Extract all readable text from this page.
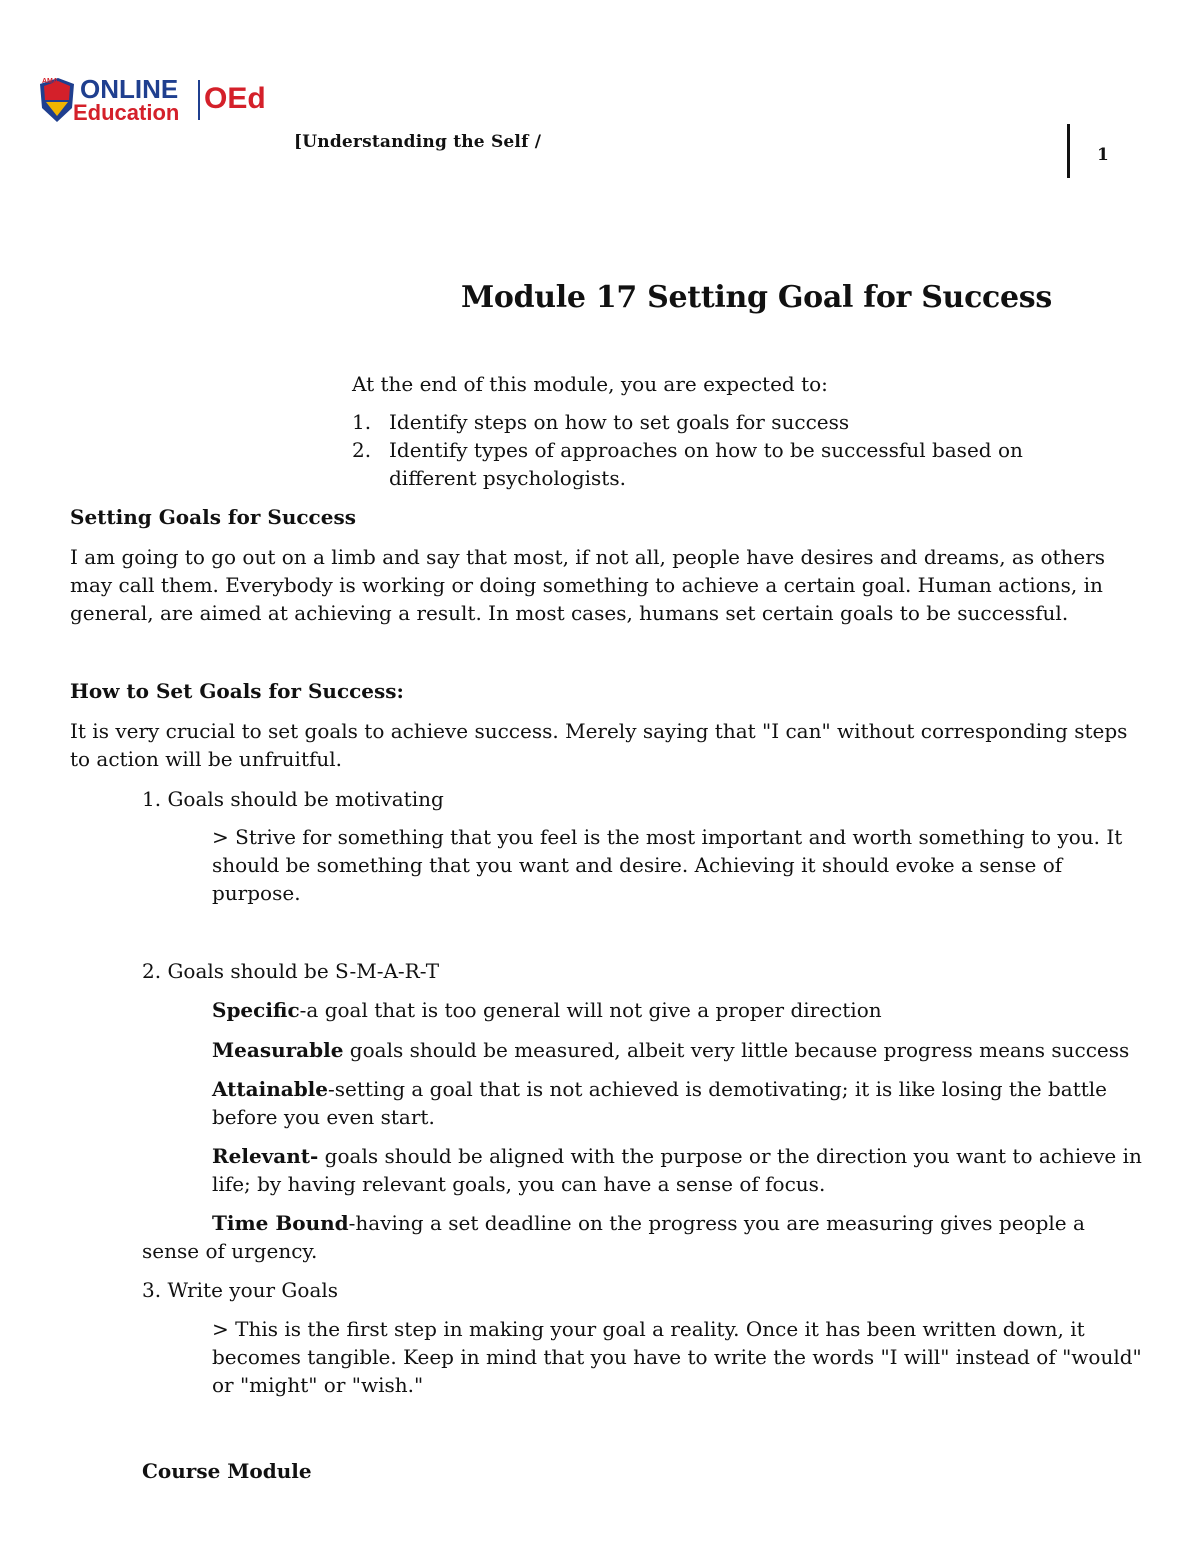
AMA ONLINE
Education OEd
[Understanding the Self /
1
Module 17 Setting Goal for Success
At the end of this module, you are expected to:
1. Identify steps on how to set goals for success
2. Identify types of approaches on how to be successful based on different psychologists.
Setting Goals for Success
I am going to go out on a limb and say that most, if not all, people have desires and dreams, as others may call them. Everybody is working or doing something to achieve a certain goal. Human actions, in general, are aimed at achieving a result. In most cases, humans set certain goals to be successful.
How to Set Goals for Success:
It is very crucial to set goals to achieve success. Merely saying that "I can" without corresponding steps to action will be unfruitful.
1. Goals should be motivating
> Strive for something that you feel is the most important and worth something to you. It should be something that you want and desire. Achieving it should evoke a sense of purpose.
2. Goals should be S-M-A-R-T
Specific-a goal that is too general will not give a proper direction
Measurable goals should be measured, albeit very little because progress means success
Attainable-setting a goal that is not achieved is demotivating; it is like losing the battle before you even start.
Relevant- goals should be aligned with the purpose or the direction you want to achieve in life; by having relevant goals, you can have a sense of focus.
Time Bound-having a set deadline on the progress you are measuring gives people a sense of urgency.
3. Write your Goals
> This is the first step in making your goal a reality. Once it has been written down, it becomes tangible. Keep in mind that you have to write the words "I will" instead of "would" or "might" or "wish."
Course Module
